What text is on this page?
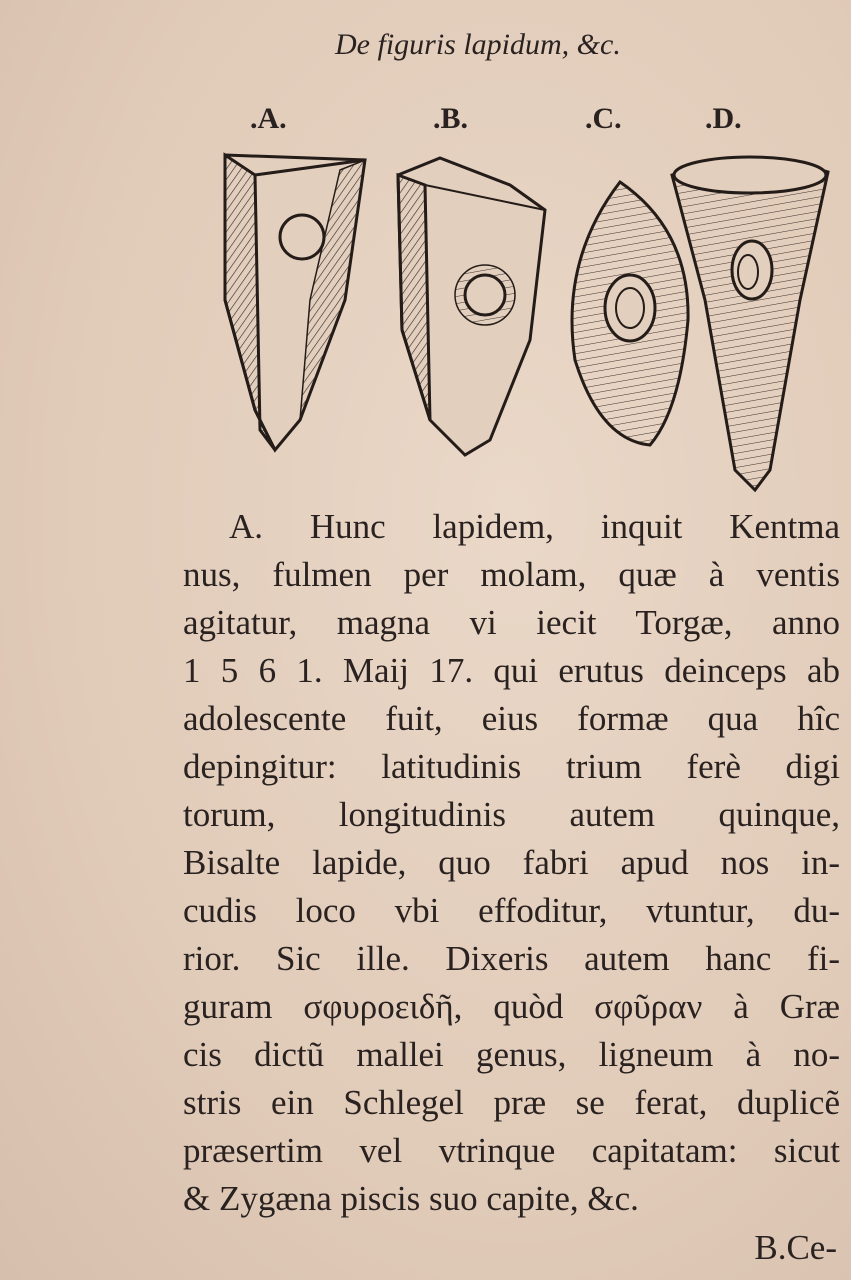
De figuris lapidum, &c.
.A.	.B.	.C.	.D.
A. Hunc lapidem, inquit Kentma
nus, fulmen per molam, quæ à ventis
agitatur, magna vi iecit Torgæ, anno
1 5 6 1. Maij 17. qui erutus deinceps ab
adolescente fuit, eius formæ qua hîc
depingitur: latitudinis trium ferè digi
torum, longitudinis autem quinque,
Bisalte lapide, quo fabri apud nos in-
cudis loco vbi effoditur, vtuntur, du-
rior. Sic ille. Dixeris autem hanc fi-
guram σφυροειδῆ, quòd σφῦραν à Græ
cis dictũ mallei genus, ligneum à no-
stris ein Schlegel præ se ferat, duplicẽ
præsertim vel vtrinque capitatam: sicut
& Zygæna piscis suo capite, &c.
B.Ce-
